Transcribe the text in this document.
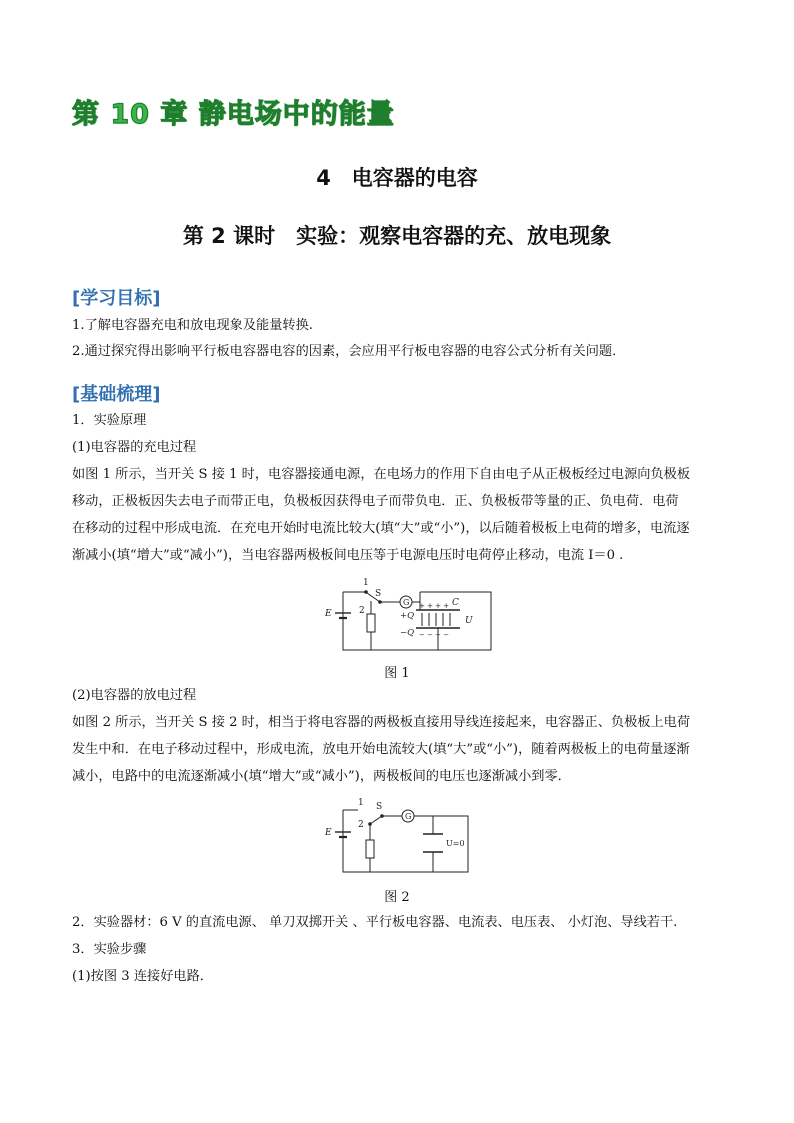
第 10 章 静电场中的能量
4　电容器的电容
第 2 课时　实验：观察电容器的充、放电现象
[学习目标]
1.了解电容器充电和放电现象及能量转换.
2.通过探究得出影响平行板电容器电容的因素，会应用平行板电容器的电容公式分析有关问题．
[基础梳理]
1．实验原理
(1)电容器的充电过程
如图 1 所示，当开关 S 接 1 时，电容器接通电源，在电场力的作用下自由电子从正极板经过电源向负极板
移动，正极板因失去电子而带正电，负极板因获得电子而带负电．正、负极板带等量的正、负电荷．电荷
在移动的过程中形成电流．在充电开始时电流比较大(填“大”或“小”)，以后随着极板上电荷的增多，电流逐
渐减小(填“增大”或“减小”)，当电容器两极板间电压等于电源电压时电荷停止移动，电流 I＝0 .
1
S
2
E
G	C
+Q
−Q
+ + + +
− − − −
U
图 1
(2)电容器的放电过程
如图 2 所示，当开关 S 接 2 时，相当于将电容器的两极板直接用导线连接起来，电容器正、负极板上电荷
发生中和．在电子移动过程中，形成电流，放电开始电流较大(填“大”或“小”)，随着两极板上的电荷量逐渐
减小，电路中的电流逐渐减小(填“增大”或“减小”)，两极板间的电压也逐渐减小到零．
1 S
2
E
G
U=0
图 2
2．实验器材：6 V 的直流电源、 单刀双掷开关 、平行板电容器、电流表、电压表、 小灯泡、导线若干.
3．实验步骤
(1)按图 3 连接好电路．
